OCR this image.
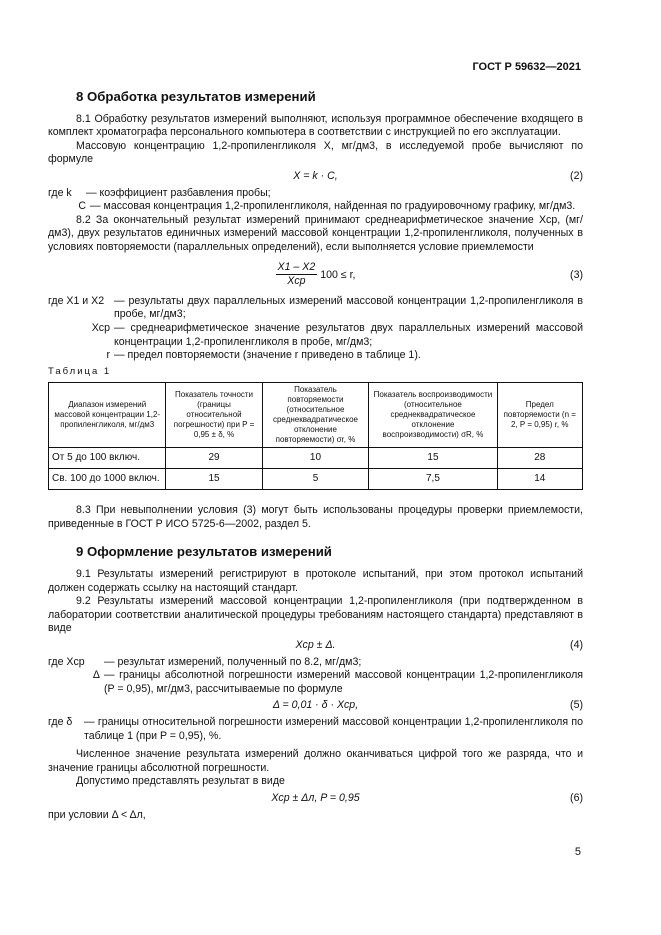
ГОСТ Р 59632—2021
8 Обработка результатов измерений

8.1 Обработку результатов измерений выполняют, используя программное обеспечение входящего в комплект хроматографа персонального компьютера в соответствии с инструкцией по его эксплуатации.

Массовую концентрацию 1,2-пропиленгликоля X, мг/дм3, в исследуемой пробе вычисляют по формуле

X = k · C,	(2)
где k	— коэффициент разбавления пробы;
C — массовая концентрация 1,2-пропиленгликоля, найденная по градуировочному графику, мг/дм3.

8.2 За окончательный результат измерений принимают среднеарифметическое значение Xср, (мг/дм3), двух результатов единичных измерений массовой концентрации 1,2-пропиленгликоля, полученных в условиях повторяемости (параллельных определений), если выполняется условие приемлемости

$\frac{X1 - X2}{\text{Xср}} 100 \le r$,	(3)
где X1 и X2 — результаты двух параллельных измерений массовой концентрации 1,2-пропиленгликоля в пробе, мг/дм3;
Xср — среднеарифметическое значение результатов двух параллельных измерений массовой концентрации 1,2-пропиленгликоля в пробе, мг/дм3;
r — предел повторяемости (значение r приведено в таблице 1).
Таблица 1
Диапазон измерений массовой концентрации 1,2-пропиленгликоля, мг/дм3	Показатель точности (границы относительной погрешности) при P = 0,95 ± δ, %	Показатель повторяемости (относительное среднеквадратическое отклонение повторяемости) σr, %	Показатель воспроизводимости (относительное среднеквадратическое отклонение воспроизводимости) σR, %	Предел повторяемости (n = 2, P = 0,95) r, %
От 5 до 100 включ.	29	10	15	28
Св. 100 до 1000 включ.	15	5	7,5	14

8.3 При невыполнении условия (3) могут быть использованы процедуры проверки приемлемости, приведенные в ГОСТ Р ИСО 5725-6—2002, раздел 5.

9 Оформление результатов измерений

9.1 Результаты измерений регистрируют в протоколе испытаний, при этом протокол испытаний должен содержать ссылку на настоящий стандарт.

9.2 Результаты измерений массовой концентрации 1,2-пропиленгликоля (при подтвержденном в лаборатории соответствии аналитической процедуры требованиям настоящего стандарта) представляют в виде

Xср ± Δ.	(4)
где Xср	— результат измерений, полученный по 8.2, мг/дм3;
Δ — границы абсолютной погрешности измерений массовой концентрации 1,2-пропиленгликоля (P = 0,95), мг/дм3, рассчитываемые по формуле
Δ = 0,01 · δ · Xср,	(5)
где δ	— границы относительной погрешности измерений массовой концентрации 1,2-пропиленгликоля по таблице 1 (при P = 0,95), %.

Численное значение результата измерений должно оканчиваться цифрой того же разряда, что и значение границы абсолютной погрешности.

Допустимо представлять результат в виде

Xср ± Δл, P = 0,95	(6)

при условии Δ < Δл,

5
